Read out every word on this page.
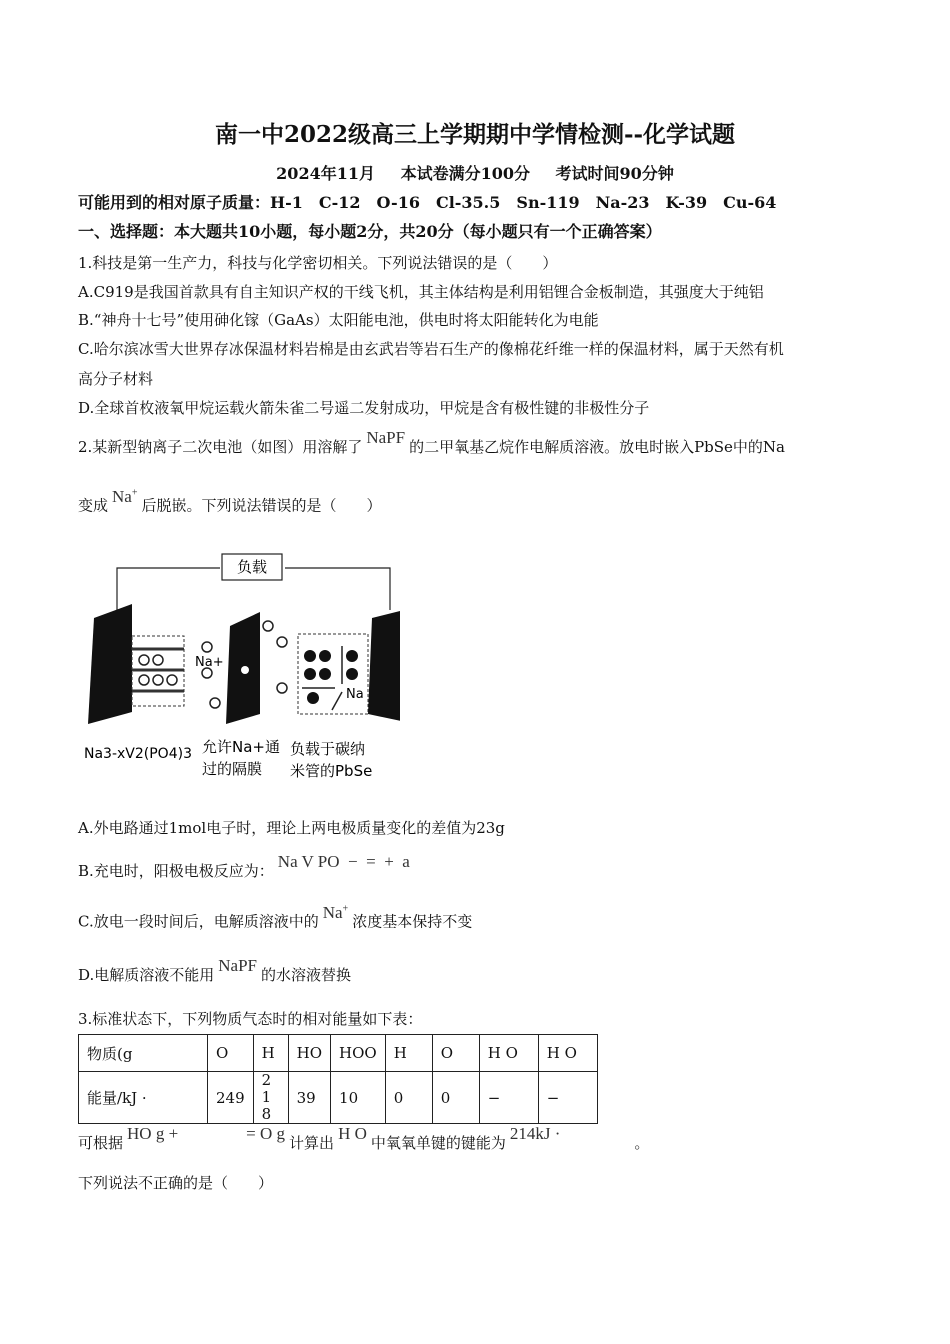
南一中2022级高三上学期期中学情检测--化学试题
2024年11月 本试卷满分100分 考试时间90分钟
可能用到的相对原子质量：H-1　C-12　O-16　Cl-35.5　Sn-119　Na-23　K-39　Cu-64
一、选择题：本大题共10小题，每小题2分，共20分（每小题只有一个正确答案）
1.科技是第一生产力，科技与化学密切相关。下列说法错误的是（　　）
A.C919是我国首款具有自主知识产权的干线飞机，其主体结构是利用铝锂合金板制造，其强度大于纯铝
B.“神舟十七号”使用砷化镓（GaAs）太阳能电池，供电时将太阳能转化为电能
C.哈尔滨冰雪大世界存冰保温材料岩棉是由玄武岩等岩石生产的像棉花纤维一样的保温材料，属于天然有机
高分子材料
D.全球首枚液氧甲烷运载火箭朱雀二号遥二发射成功，甲烷是含有极性键的非极性分子
2.某新型钠离子二次电池（如图）用溶解了 NaPF 的二甲氧基乙烷作电解质溶液。放电时嵌入PbSe中的Na
变成 Na+后脱嵌。下列说法错误的是（　　）
负载
Na+
Na
Na3-xV2(PO4)3 允许Na+通
过的隔膜
负载于碳纳
米管的PbSe
A.外电路通过1mol电子时，理论上两电极质量变化的差值为23g
B.充电时，阳极电极反应为： Na V PO  −  =  +  a
C.放电一段时间后，电解质溶液中的 Na+浓度基本保持不变
D.电解质溶液不能用 NaPF 的水溶液替换
3.标准状态下，下列物质气态时的相对能量如下表：
物质(g	O	H	HO	HOO	H	O	H O	H O
能量/kJ ·	249	218	39	10	0	0	−	−
可根据 HO g +	= O g 计算出 H O 中氧氧单键的键能为 214kJ ·	。
下列说法不正确的是（　　）
